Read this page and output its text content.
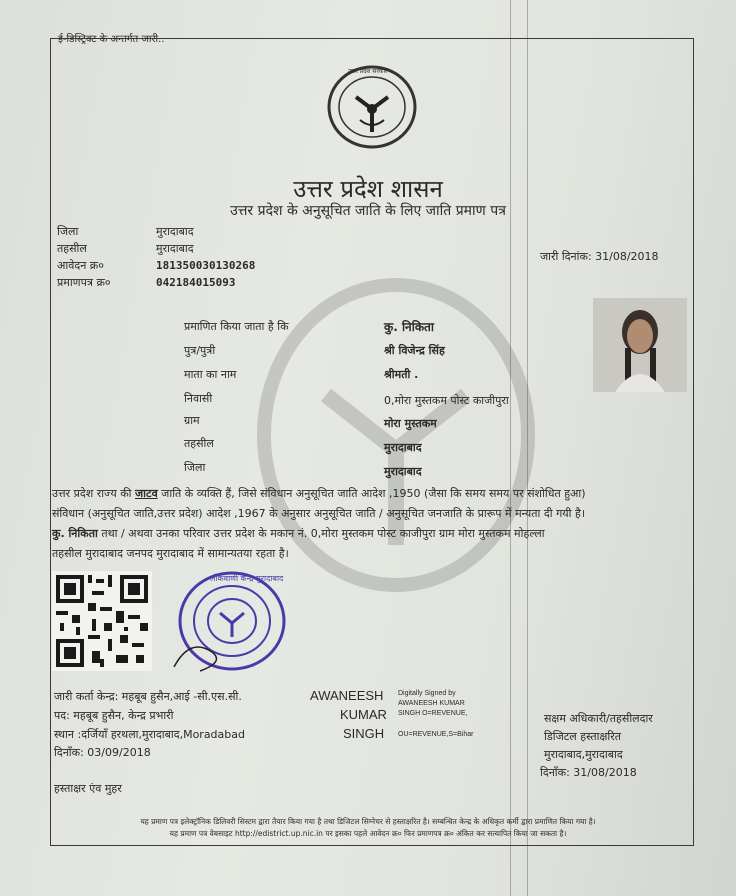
ई-डिस्ट्रिक्ट के अन्तर्गत जारी..
उत्तर प्रदेश सरकार
उत्तर प्रदेश शासन
उत्तर प्रदेश के अनुसूचित जाति के लिए जाति प्रमाण पत्र
जिला	मुरादाबाद
तहसील	मुरादाबाद
आवेदन क्र०	181350030130268
प्रमाणपत्र क्र०	042184015093
जारी दिनांक: 31/08/2018
प्रमाणित किया जाता है कि	कु. निकिता
पुत्र/पुत्री	श्री विजेन्द्र सिंह
माता का नाम	श्रीमती .
निवासी	0,मोरा मुस्तकम पोस्ट काजीपुरा
ग्राम	मोरा मुस्तकम
तहसील	मुरादाबाद
जिला	मुरादाबाद
उत्तर प्रदेश राज्य की जाटव जाति के व्यक्ति हैं, जिसे संविधान अनुसूचित जाति आदेश ,1950 (जैसा कि समय समय पर संशोधित हुआ)
संविधान (अनुसूचित जाति,उत्तर प्रदेश) आदेश ,1967 के अनुसार अनुसूचित जाति / अनुसूचित जनजाति के प्रारूप में मन्यता दी गयी है।
कु. निकिता तथा / अथवा उनका परिवार उत्तर प्रदेश के मकान नं. 0,मोरा मुस्तकम पोस्ट काजीपुरा ग्राम मोरा मुस्तकम मोहल्ला
तहसील मुरादाबाद जनपद मुरादाबाद में सामान्यतया रहता है।
लोकवाणी केन्द्र मुरादाबाद
जारी कर्ता केन्द्र: महबूब हुसैन,आई -सी.एस.सी.
पद: महबूब हुसैन, केन्द्र प्रभारी
स्थान :दर्जियाँ हरथला,मुरादाबाद,Moradabad
दिनाँक: 03/09/2018
AWANEESH
KUMAR
SINGH
Digitally Signed by
AWANEESH KUMAR
SINGH O=REVENUE,
OU=REVENUE,S=Bihar
सक्षम अधिकारी/तहसीलदार
डिजिटल हस्ताक्षरित
मुरादाबाद,मुरादाबाद
दिनाँक: 31/08/2018
हस्ताक्षर एंव मुहर
यह प्रमाण पत्र इलेक्ट्रॉनिक डिलिवरी सिस्टम द्वारा तैयार किया गया है तथा डिजिटल सिग्नेचर से हस्ताक्षरित है। सम्बन्धित केन्द्र के अधिकृत कर्मी द्वारा प्रमाणित किया गया है।
यह प्रमाण पत्र वेबसाइट http://edistrict.up.nic.in पर इसका पहले आवेदन क्र० फिर प्रमाणपत्र क्र० अंकित कर सत्यापित किया जा सकता है।
